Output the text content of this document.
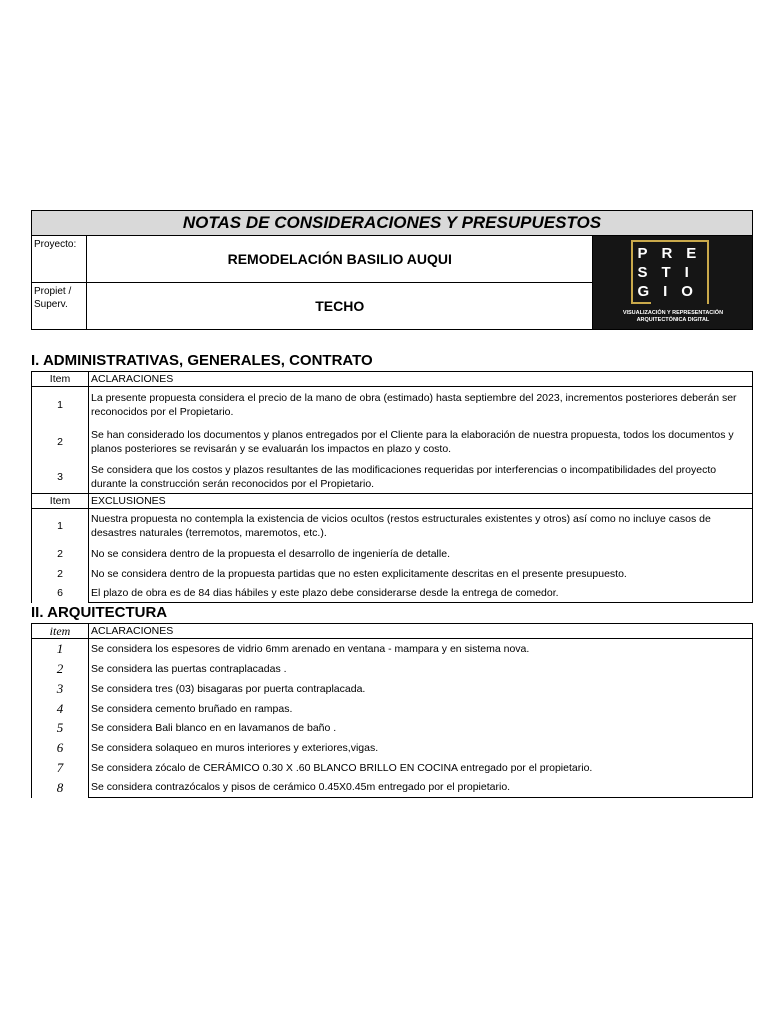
NOTAS DE CONSIDERACIONES Y PRESUPUESTOS
Proyecto:
REMODELACIÓN BASILIO AUQUI
Propiet /
Superv.	TECHO
PRE
STI
GIO
VISUALIZACIÓN Y REPRESENTACIÓN
ARQUITECTÓNICA DIGITAL
I. ADMINISTRATIVAS, GENERALES, CONTRATO
Item	ACLARACIONES
1	La presente propuesta considera el precio de la mano de obra (estimado) hasta septiembre del 2023, incrementos posteriores deberán ser reconocidos por el Propietario.
2	Se han considerado los documentos y planos entregados por el Cliente para la elaboración de nuestra propuesta, todos los documentos y planos posteriores se revisarán y se evaluarán los impactos en plazo y costo.
3	Se considera que los costos y plazos resultantes de las modificaciones requeridas por interferencias o incompatibilidades del proyecto durante la construcción serán reconocidos por el Propietario.
Item	EXCLUSIONES
1	Nuestra propuesta no contempla la existencia de vicios ocultos (restos estructurales existentes y otros) así como no incluye casos de desastres naturales (terremotos, maremotos, etc.).
2	No se considera dentro de la propuesta el desarrollo de ingeniería de detalle.
2	No se considera dentro de la propuesta partidas que no esten explicitamente descritas en el presente presupuesto.
6	El plazo de obra es de 84 dias hábiles y este plazo debe considerarse desde la entrega de comedor.
II. ARQUITECTURA
item	ACLARACIONES
1	Se considera los espesores de vidrio 6mm arenado en ventana - mampara y en sistema nova.
2	Se considera las puertas contraplacadas .
3	Se considera tres (03) bisagaras por puerta contraplacada.
4	Se considera cemento bruñado en rampas.
5	Se considera Bali blanco en en lavamanos de baño .
6	Se considera solaqueo en muros interiores y exteriores,vigas.
7	Se considera zócalo de CERÁMICO 0.30 X .60 BLANCO BRILLO EN COCINA entregado por el propietario.
8	Se considera contrazócalos y pisos de cerámico 0.45X0.45m entregado por el propietario.
